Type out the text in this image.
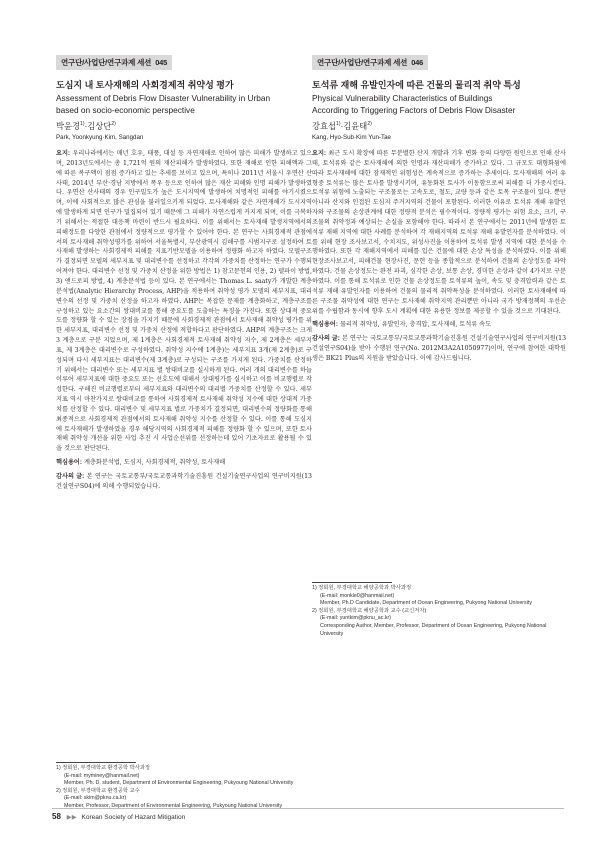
연구단/사업단/연구과제 세션 045
도심지 내 토사재해의 사회경제적 취약성 평가
Assessment of Debris Flow Disaster Vulnerability in Urban
based on socio-economic perspective
박윤경$^{1)}$·김상단$^{2)}$
Park, Yoonkyung·Kim, Sangdan
요지: 우리나라에서는 매년 호우, 태풍, 대설 등 자연재해로 인하여 많은 피해가 발생하고 있으며, 2013년도에서는 총 1,721억 원의 재산피해가 발생하였다. 또한 재해로 인한 피해액과 그에 따른 복구액이 점점 증가하고 있는 추세를 보이고 있으며, 특히나 2011년 서울시 우면산 산사태, 2014년 부산·경남 지방에서 폭우 등으로 인하여 많은 재산 피해와 인명 피해가 발생하였다. 우면산 산사태의 경우 인구밀도가 높은 도시지역에 발생하여 치명적인 피해를 야기시켰으며, 이에 사회적으로 많은 관심을 불러일으키게 되었다. 토사재해와 같은 자연재해가 도시지역에 발생하게 되면 인구가 밀집되어 있기 때문에 그 피해가 자연스럽게 커지게 되며, 이를 극복하기 위해서는 적절한 대응책 마련이 반드시 필요하다. 이를 위해서는 토사재해 발생지역에서의 피해정도를 다양한 관점에서 정량적으로 평가할 수 있어야 한다. 본 연구는 사회경제적 관점에서의 토사재해 취약성평가를 위하여 서울특별시, 부산광역시 김해구를 시범지구로 설정하여 토사재해 발생하는 사회경제적 피해를 지표기반모델을 이용하여 정량화 하고자 하였다. 모델구조가 결정되면 모델의 세부지표 및 대리변수를 선정하고 각각의 가중치를 산정하는 연구가 수행되어져야 한다. 대리변수 선정 및 가중치 산정을 위한 방법은 1) 참고문헌의 인용, 2) 델파이 방법, 3) 앤드로피 방법, 4) 계층분석법 등이 있다. 본 연구에서는 Thomas L. saaty가 개발한 계층분석법(Analytic Hierarchy Process, AHP)을 적용하여 취약성 평가 모델의 세부지표, 대리변수의 선정 및 가중치 산정을 하고자 하였다. AHP는 복잡한 문제를 계층화하고, 계층구조를 구성하고 있는 요소간의 쌍대비교를 통해 중요도를 도출하는 특징을 가진다. 또한 상대적 중요도를 정량화 할 수 있는 장점을 가지기 때문에 사회경제적 관점에서 토사재해 취약성 평가를 위한 세부지표, 대리변수 선정 및 가중치 산정에 적합하다고 판단하였다. AHP의 계층구조는 크게 3 계층으로 구분 지었으며, 제 1계층은 사회경제적 토사재해 취약성 지수, 제 2계층은 세부지표, 제 3계층은 대리변수로 구성하였다. 취약성 지수에 1계층)는 세부지표 3개(제 2계층)로 구성되며 다시 세부지표는 대리변수(제 3계층)로 구성되는 구조를 가지게 된다. 가중치를 산정하기 위해서는 대리변수 또는 세부지표 별 쌍대비교를 실시하게 된다. 여러 개의 대리변수를 하늘 이루어 세부지표에 대한 중요도 또는 선호도에 대해서 상대평가를 실시하고 이를 비교행렬로 작성한다. 구해진 비교행렬로부터 세부지표와 대리변수의 대리별 가중치를 산정할 수 있다. 세부지표 역시 마찬가지로 쌍대비교를 통하여 사회경제적 토사재해 취약성 지수에 대한 상대적 가중치를 산정할 수 있다. 대리변수 및 세부지표 별로 가중치가 결정되면, 대리변수의 정량화를 통해 최종적으로 사회경제적 관점에서의 토사재해 취약성 지수를 산정할 수 있다. 이를 통해 도심지에 토사재해가 발생하였을 경우 해당지역의 사회경제적 피해를 정량화 할 수 있으며, 또한 토사재해 취약성 개선을 위한 사업 추진 시 사업순선위를 선정하는데 있어 기초자료로 활용될 수 있을 것으로 판단된다.
핵심용어: 계층화분석법, 도심지, 사회경제적, 취약성, 토사재해
감사의 글: 본 연구는 국토교통부/국토교통과학기술진흥원 건설기술연구사업의 연구비지원(13건설연구S04)에 의해 수행되었습니다.
1) 정회원, 부경대학교 환경공학 박사과정
(E-mail: myminey@hanmail.net)
Member, Ph. D. student, Department of Environmental Engineering, Pukyoung National University
2) 정회원, 부경대학교 환경공학 교수
(E-mail: skim@pknu.ca.kr)
Member, Professor, Department of Environmental Engineering, Pukyoung National University
연구단/사업단/연구과제 세션 046
토석류 재해 유발인자에 따른 건물의 물리적 취약 특성
Physical Vulnerability Characteristics of Buildings
According to Triggering Factors of Debris Flow Disaster
강효섭$^{1)}$·김윤태$^{2)}$
Kang, Hyo-Sub·Kim Yun-Tae
요지: 최근 도시 확장에 따른 무분별한 산지 개발과 기후 변화 등의 다양한 원인으로 인해 산사태, 토석류와 같은 토사재해에 의한 인명과 재산피해가 증가하고 있다. 그 규모도 대형화됨에 따라 토사재해에 대한 잠재적인 위험성은 계속적으로 증가하는 추세이다. 토사재해의 여러 유형중 토석류는 많은 토사를 발생시키며, 유동화된 토사가 이동함으로써 피해를 더 가중시킨다. 토석류 위험에 노출되는 구조물로는 고속도로, 철도, 교량 등과 같은 토목 구조물이 있다. 뿐만 아니라 산지와 인접된 도심지 주거지역의 건물이 포함된다. 이러한 이유로 토석류 재해 유발인자와 구조물의 손상관계에 대한 정량적 분석은 필수적이다. 정량적 평가는 위험 요소, 크기, 구조물의 취약정과 예상되는 손실을 포함해야 한다. 따라서 본 연구에서는 2011년에 발생한 토석류 재해 지역에 대한 사례를 분석하여 각 재해지역의 토석류 재해 유발인자를 분석하였다. 이를 위해 현장 조사보고서, 수치지도, 위성사진을 이용하여 토석류 발생 지역에 대한 분석을 수행하였다. 또한 각 재해지역에서 피해를 입은 건물에 대한 손상 특성을 분석하였다. 이를 위해 현장조사보고서, 피해건물 현장사진, 문헌 등을 종합적으로 분석하여 건물의 손상정도를 파악하였다. 건물 손상정도는 완전 파괴, 심각한 손상, 보통 손상, 경미한 손상과 같이 4가지로 구분하였다. 이를 통해 토석류로 인한 건물 손상정도를 토석류의 높이, 속도 및 충격압력과 같은 토석류 재해 유발인자를 이용하여 건물의 물리적 취약특성을 분석하였다. 이러한 토사재해에 따른 구조물 취약성에 대한 연구는 토사재해 취약지역 관리뿐만 아니라 국가 방재정책의 우선순위를 수립함과 동시에 향후 도시 계획에 대한 유용한 정보를 제공할 수 있을 것으로 기대된다.
핵심용어: 물리적 취약성, 유발인자, 충격압, 토사재해, 토석류 속도
감사의 글: 본 연구는 국토교통부/국토교통과학기술진흥원 건설기술연구사업의 연구비지원(13건설연구S04)을 받아 수행된 연구(No. 2012M3A2A1050977)이며, 연구에 참여한 대학원생은 BK21 Plus의 지원을 받았습니다. 이에 감사드립니다.
1) 정회원, 부경대학교 해양공학과 박사과정
(E-mail: monkle0@hanmail.net)
Member, Ph.D Candidate, Department of Ocean Engineering, Pukyong National University
2) 정회원, 부경대학교 해양공학과 교수 (교신저자)
(E-mail: yuntkim@pknu_ac.kr)
Corresponding Author, Member, Professor, Department of Ocean Engineering, Pukyong National University
58 ▶▶ Korean Society of Hazard Mitigation
